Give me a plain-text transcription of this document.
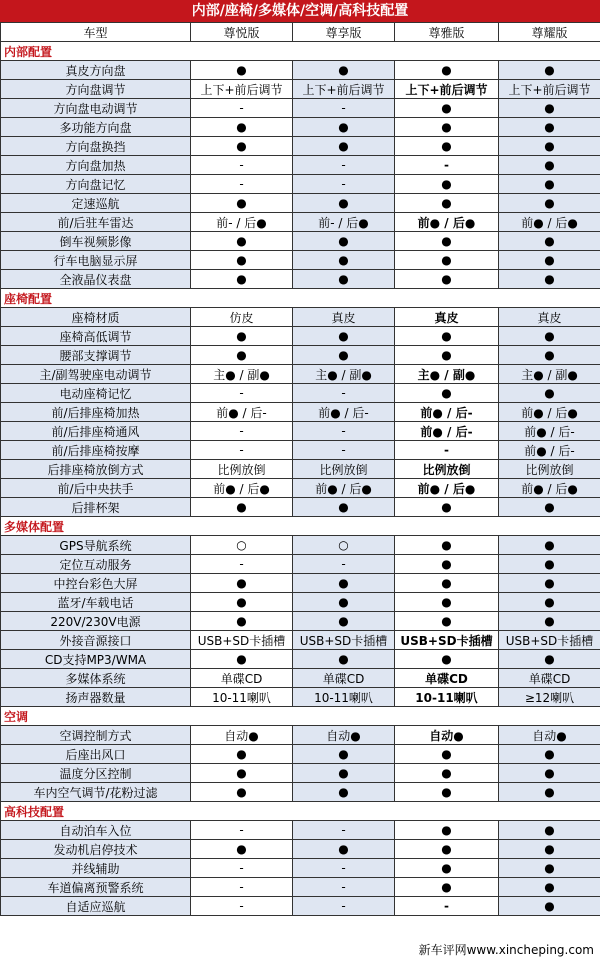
内部/座椅/多媒体/空调/高科技配置
车型	尊悦版	尊享版	尊雅版	尊耀版
内部配置				
真皮方向盘	●	●	●	●
方向盘调节	上下+前后调节	上下+前后调节	上下+前后调节	上下+前后调节
方向盘电动调节	-	-	●	●
多功能方向盘	●	●	●	●
方向盘换挡	●	●	●	●
方向盘加热	-	-	-	●
方向盘记忆	-	-	●	●
定速巡航	●	●	●	●
前/后驻车雷达	前- / 后●	前- / 后●	前● / 后●	前● / 后●
倒车视频影像	●	●	●	●
行车电脑显示屏	●	●	●	●
全液晶仪表盘	●	●	●	●
座椅配置				
座椅材质	仿皮	真皮	真皮	真皮
座椅高低调节	●	●	●	●
腰部支撑调节	●	●	●	●
主/副驾驶座电动调节	主● / 副●	主● / 副●	主● / 副●	主● / 副●
电动座椅记忆	-	-	●	●
前/后排座椅加热	前● / 后-	前● / 后-	前● / 后-	前● / 后●
前/后排座椅通风	-	-	前● / 后-	前● / 后-
前/后排座椅按摩	-	-	-	前● / 后-
后排座椅放倒方式	比例放倒	比例放倒	比例放倒	比例放倒
前/后中央扶手	前● / 后●	前● / 后●	前● / 后●	前● / 后●
后排杯架	●	●	●	●
多媒体配置				
GPS导航系统	○	○	●	●
定位互动服务	-	-	●	●
中控台彩色大屏	●	●	●	●
蓝牙/车载电话	●	●	●	●
220V/230V电源	●	●	●	●
外接音源接口	USB+SD卡插槽	USB+SD卡插槽	USB+SD卡插槽	USB+SD卡插槽
CD支持MP3/WMA	●	●	●	●
多媒体系统	单碟CD	单碟CD	单碟CD	单碟CD
扬声器数量	10-11喇叭	10-11喇叭	10-11喇叭	≥12喇叭
空调				
空调控制方式	自动●	自动●	自动●	自动●
后座出风口	●	●	●	●
温度分区控制	●	●	●	●
车内空气调节/花粉过滤	●	●	●	●
高科技配置				
自动泊车入位	-	-	●	●
发动机启停技术	●	●	●	●
并线辅助	-	-	●	●
车道偏离预警系统	-	-	●	●
自适应巡航	-	-	-	●
新车评网www.xincheping.com
